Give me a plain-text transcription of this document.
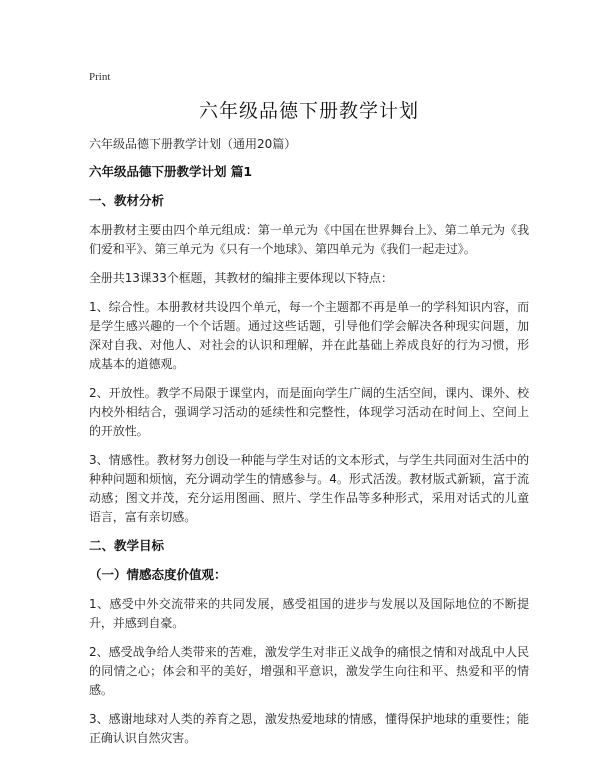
Print
六年级品德下册教学计划

六年级品德下册教学计划（通用20篇）

六年级品德下册教学计划 篇1
一、教材分析

本册教材主要由四个单元组成：第一单元为《中国在世界舞台上》、第二单元为《我们爱和平》、第三单元为《只有一个地球》、第四单元为《我们一起走过》。

全册共13课33个框题，其教材的编排主要体现以下特点：

1、综合性。本册教材共设四个单元，每一个主题都不再是单一的学科知识内容，而是学生感兴趣的一个个话题。通过这些话题，引导他们学会解决各种现实问题，加深对自我、对他人、对社会的认识和理解，并在此基础上养成良好的行为习惯，形成基本的道德观。

2、开放性。教学不局限于课堂内，而是面向学生广阔的生活空间，课内、课外、校内校外相结合，强调学习活动的延续性和完整性，体现学习活动在时间上、空间上的开放性。

3、情感性。教材努力创设一种能与学生对话的文本形式，与学生共同面对生活中的种种问题和烦恼，充分调动学生的情感参与。4。形式活泼。教材版式新颖，富于流动感；图文并茂，充分运用图画、照片、学生作品等多种形式，采用对话式的儿童语言，富有亲切感。

二、教学目标
（一）情感态度价值观：

1、感受中外交流带来的共同发展，感受祖国的进步与发展以及国际地位的不断提升，并感到自豪。

2、感受战争给人类带来的苦难，激发学生对非正义战争的痛恨之情和对战乱中人民的同情之心；体会和平的美好，增强和平意识，激发学生向往和平、热爱和平的情感。

3、感谢地球对人类的养育之恩，激发热爱地球的情感，懂得保护地球的重要性；能正确认识自然灾害。
